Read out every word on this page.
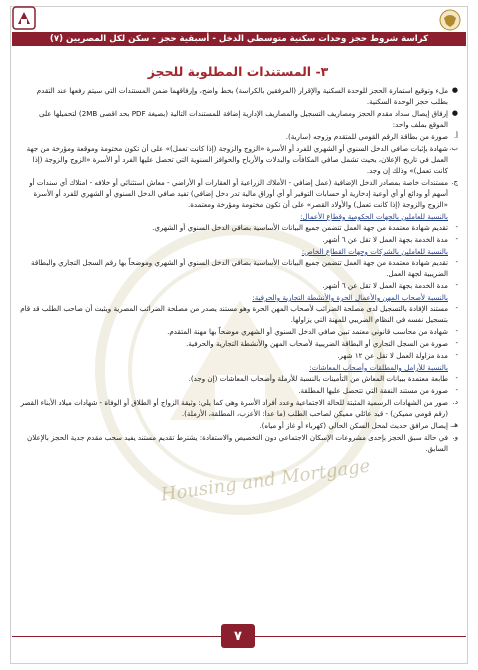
كراسة شروط حجز وحدات سكنية متوسطي الدخل - أسبقية حجز - سكن لكل المصريين (٧)
Housing and Mortgage
٣- المستندات المطلوبة للحجز
●
ملء وتوقيع استمارة الحجز للوحدة السكنية والإقرار (المرفقين بالكراسة) بخط واضح، وإرفاقهما ضمن المستندات التي سيتم رفعها عند التقدم بطلب حجز الوحدة السكنية.
●
إرفاق إيصال سداد مقدم الحجز ومصاريف التسجيل والمصاريف الإدارية إضافة للمستندات التالية (بصيغة PDF بحد اقصى 2MB) لتحميلها على الموقع بملف واحد:
أ.
صورة من بطاقة الرقم القومي للمتقدم وزوجه (سارية).
ب.
شهادة بإثبات صافي الدخل السنوي أو الشهري للفرد أو الأسرة «الزوج والزوجة (إذا كانت تعمل)» على أن تكون مختومة وموقعة ومؤرخة من جهة العمل في تاريخ الإعلان، بحيث تشمل صافي المكافآت والبدلات والأرباح والحوافز السنوية التي تحصل عليها الفرد أو الأسرة «الزوج والزوجة (إذا كانت تعمل)» وذلك إن وجد.
ج.
مستندات خاصة بمصادر الدخل الإضافية (عمل إضافي - الأملاك الزراعية أو العقارات أو الأراضي - معاش استثنائي أو خلافه - امتلاك أي سندات أو أسهم أو ودائع أو أي أوعية إدخارية أو حسابات التوفير أو أي أوراق مالية تدر دخل إضافي) تفيد صافي الدخل السنوي أو الشهري للفرد أو الأسرة «الزوج والزوجة (إذا كانت تعمل) والأولاد القصر» على أن تكون مختومة ومؤرخة ومعتمدة.
بالنسبة للعاملين بالجهات الحكومية وقطاع الأعمال:
-
تقديم شهادة معتمدة من جهة العمل تتضمن جميع البيانات الأساسية بصافي الدخل السنوي أو الشهري.
-
مدة الخدمة بجهة العمل لا تقل عن ٦ أشهر.
بالنسبة للعاملين بالشركات وجهات القطاع الخاص:
-
تقديم شهادة معتمدة من جهة العمل تتضمن جميع البيانات الأساسية بصافي الدخل السنوي أو الشهري وموضحاً بها رقم السجل التجاري والبطاقة الضريبية لجهة العمل.
-
مدة الخدمة بجهة العمل لا تقل عن ٦ أشهر.
بالنسبة لأصحاب المهن والأعمال الحرة والأنشطة التجارية والحرفية:
-
مستند الإفادة بالتسجيل لدى مصلحة الضرائب لأصحاب المهن الحرة وهو مستند يصدر من مصلحة الضرائب المصرية ويثبت أن صاحب الطلب قد قام بتسجيل نفسه في النظام الضريبي للمهنة التي يزاولها.
-
شهادة من محاسب قانوني معتمد تبين صافي الدخل السنوي أو الشهري موضحاً بها مهنة المتقدم.
-
صورة من السجل التجاري أو البطاقة الضريبية لأصحاب المهن والأنشطة التجارية والحرفية.
-
مدة مزاولة العمل لا تقل عن ١٢ شهر.
بالنسبة للأرامل والمطلقات وأصحاب المعاشات:
-
طابعة معتمدة ببيانات المعاش من التأمينات بالنسبة للأرملة وأصحاب المعاشات (إن وجد).
-
صورة من مستند النفقة التي تتحصل عليها المطلقة.
د.
صور من الشهادات الرسمية المثبتة للحالة الاجتماعية وعدد أفراد الأسرة وهي كما يلي: وثيقة الزواج أو الطلاق أو الوفاة - شهادات ميلاد الأبناء القصر (رقم قومي مميكن) - قيد عائلي مميكن لصاحب الطلب (ما عدا: الأعزب، المطلقة، الأرملة).
هـ.
إيصال مرافق حديث لمحل السكن الحالي (كهرباء أو غاز أو مياه).
و.
في حالة سبق الحجز بإحدى مشروعات الإسكان الاجتماعي دون التخصيص والاستفادة: يشترط تقديم مستند يفيد سحب مقدم جدية الحجز بالإعلان السابق.
٧
